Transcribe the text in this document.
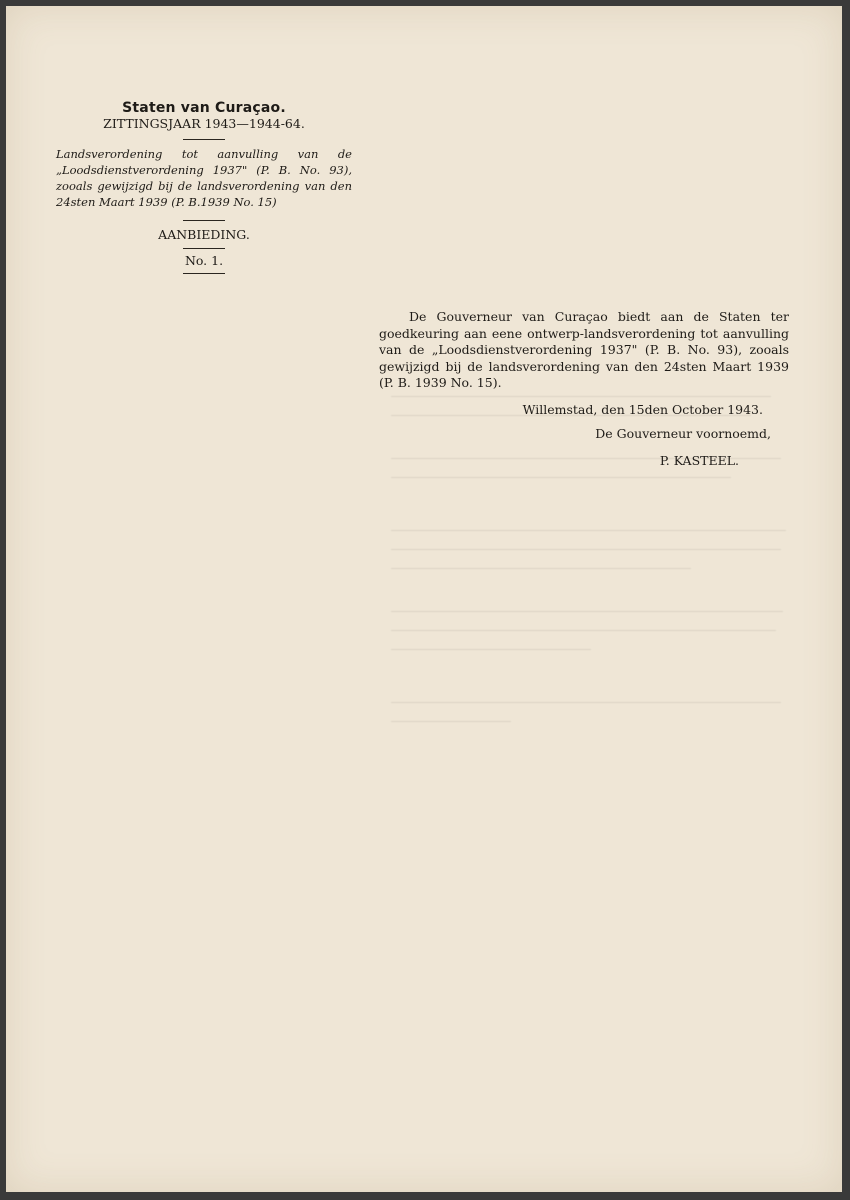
Staten van Curaçao.
ZITTINGSJAAR 1943—1944-64.

Landsverordening tot aanvulling van de „Loodsdienstverordening 1937" (P. B. No. 93), zooals gewijzigd bij de landsverordening van den 24sten Maart 1939 (P. B.1939 No. 15)

AANBIEDING.
No. 1.

De Gouverneur van Curaçao biedt aan de Staten ter goedkeuring aan eene ontwerp-landsverordening tot aanvulling van de „Loodsdienstverordening 1937" (P. B. No. 93), zooals gewijzigd bij de landsverordening van den 24sten Maart 1939 (P. B. 1939 No. 15).

Willemstad, den 15den October 1943.
De Gouverneur voornoemd,
P. KASTEEL.
